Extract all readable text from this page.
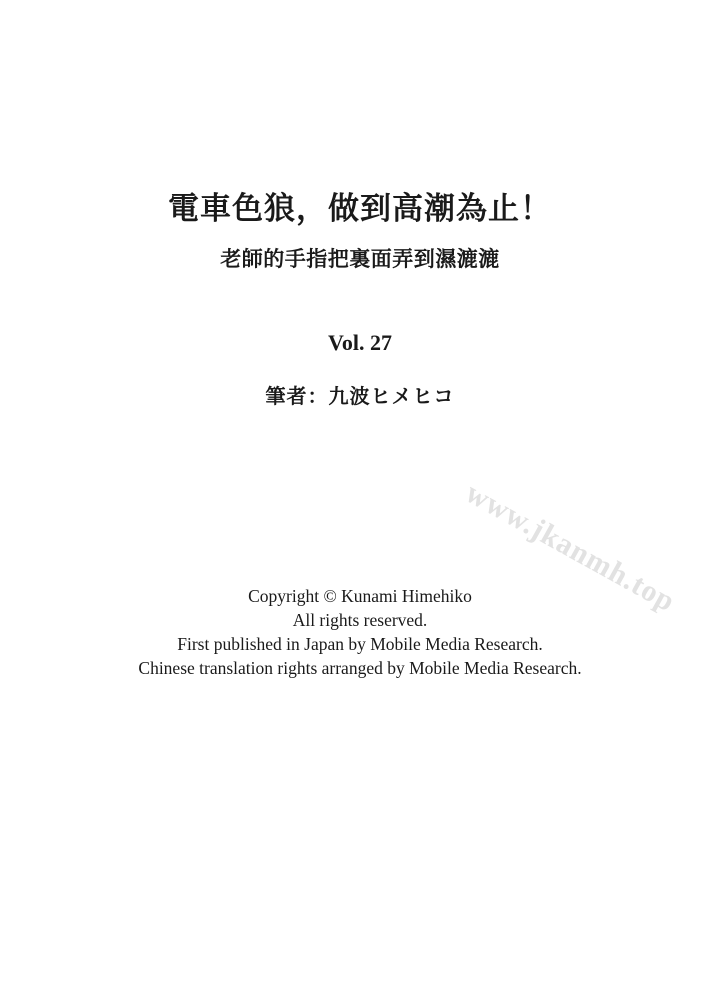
電車色狼，做到高潮為止！
老師的手指把裏面弄到濕漉漉
Vol. 27
筆者：九波ヒメヒコ
www.jkanmh.top
Copyright © Kunami Himehiko
All rights reserved.
First published in Japan by Mobile Media Research.
Chinese translation rights arranged by Mobile Media Research.
